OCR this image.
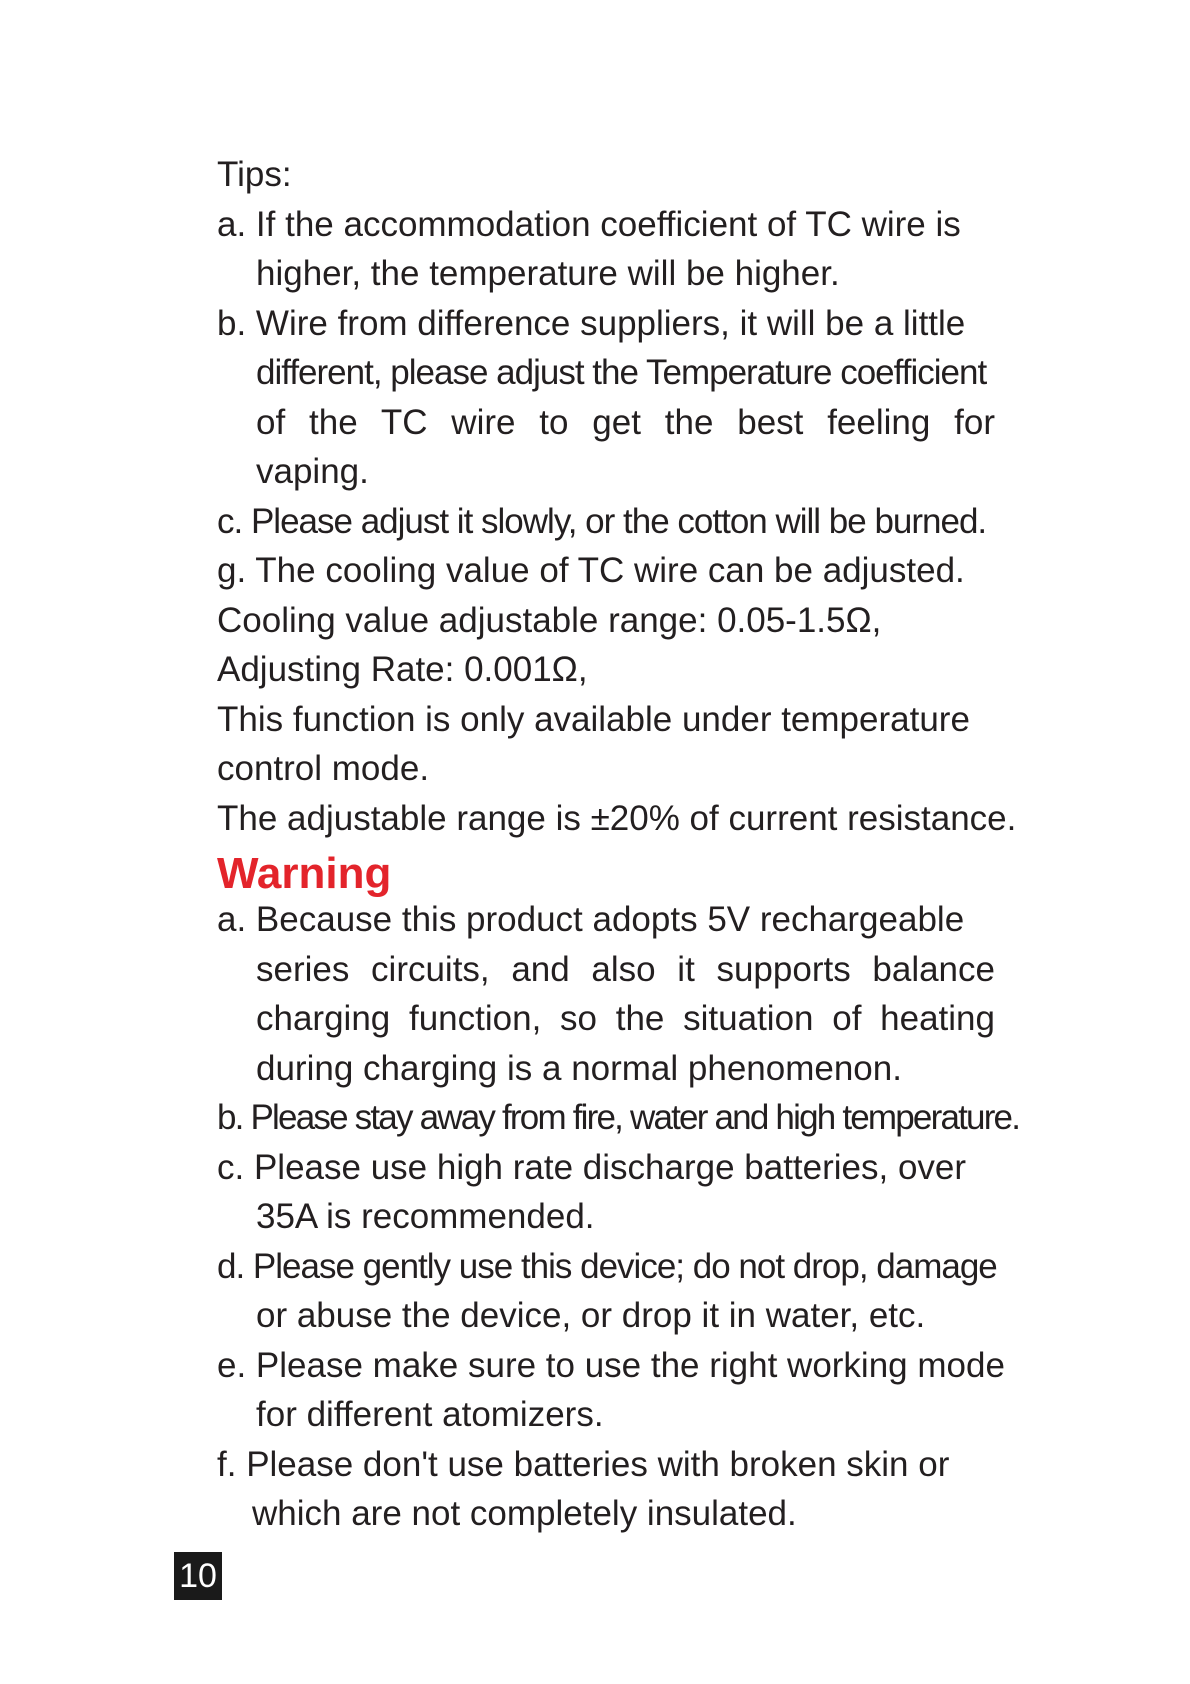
Tips:
a. If the accommodation coefficient of TC wire is
higher, the temperature will be higher.
b. Wire from difference suppliers, it will be a little
different, please adjust the Temperature coefficient
of the TC wire to get the best feeling for
vaping.
c. Please adjust it slowly, or the cotton will be burned.
g. The cooling value of TC wire can be adjusted.
Cooling value adjustable range: 0.05-1.5Ω,
Adjusting Rate: 0.001Ω,
This function is only available under temperature
control mode.
The adjustable range is ±20% of current resistance.
Warning
a. Because this product adopts 5V rechargeable
series circuits, and also it supports balance
charging function, so the situation of heating
during charging is a normal phenomenon.
b. Please stay away from fire, water and high temperature.
c. Please use high rate discharge batteries, over
35A is recommended.
d. Please gently use this device; do not drop, damage
or abuse the device, or drop it in water, etc.
e. Please make sure to use the right working mode
for different atomizers.
f. Please don't use batteries with broken skin or
which are not completely insulated.
10
